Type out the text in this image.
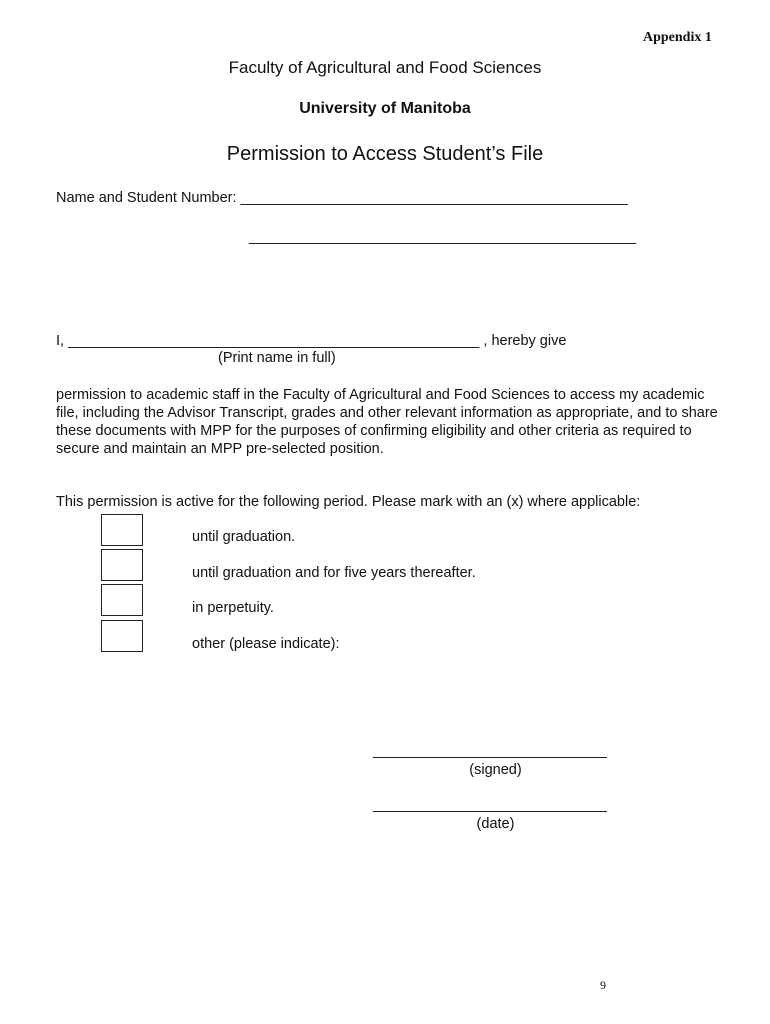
Appendix 1
Faculty of Agricultural and Food Sciences
University of Manitoba
Permission to Access Student’s File
Name and Student Number: ________________________________________________
________________________________________________
I, ___________________________________________________ , hereby give
(Print name in full)
permission to academic staff in the Faculty of Agricultural and Food Sciences to access my academic file, including the Advisor Transcript, grades and other relevant information as appropriate, and to share these documents with MPP for the purposes of confirming eligibility and other criteria as required to secure and maintain an MPP pre-selected position.
This permission is active for the following period. Please mark with an (x) where applicable:
until graduation.
until graduation and for five years thereafter.
in perpetuity.
other (please indicate):
_____________________________
(signed)
_____________________________
(date)
9
